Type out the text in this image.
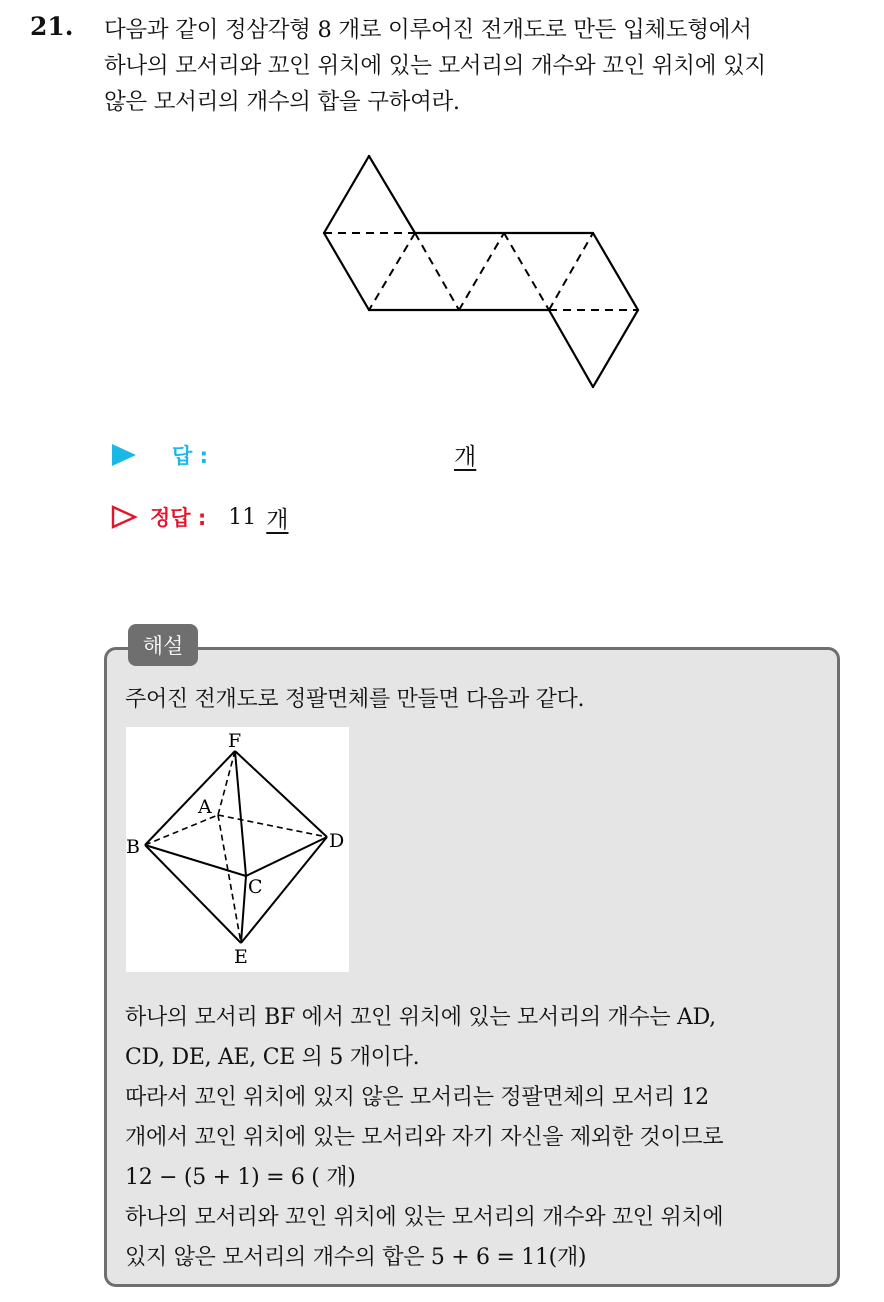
21. 다음과 같이 정삼각형 8 개로 이루어진 전개도로 만든 입체도형에서
하나의 모서리와 꼬인 위치에 있는 모서리의 개수와 꼬인 위치에 있지
않은 모서리의 개수의 합을 구하여라.
답 :	개
정답 : 11 개
해설
주어진 전개도로 정팔면체를 만들면 다음과 같다.
F
A
B	D
C
E
하나의 모서리 BF 에서 꼬인 위치에 있는 모서리의 개수는 AD,
CD, DE, AE, CE 의 5 개이다.
따라서 꼬인 위치에 있지 않은 모서리는 정팔면체의 모서리 12
개에서 꼬인 위치에 있는 모서리와 자기 자신을 제외한 것이므로
12 − (5 + 1) = 6 ( 개)
하나의 모서리와 꼬인 위치에 있는 모서리의 개수와 꼬인 위치에
있지 않은 모서리의 개수의 합은 5 + 6 = 11(개)
